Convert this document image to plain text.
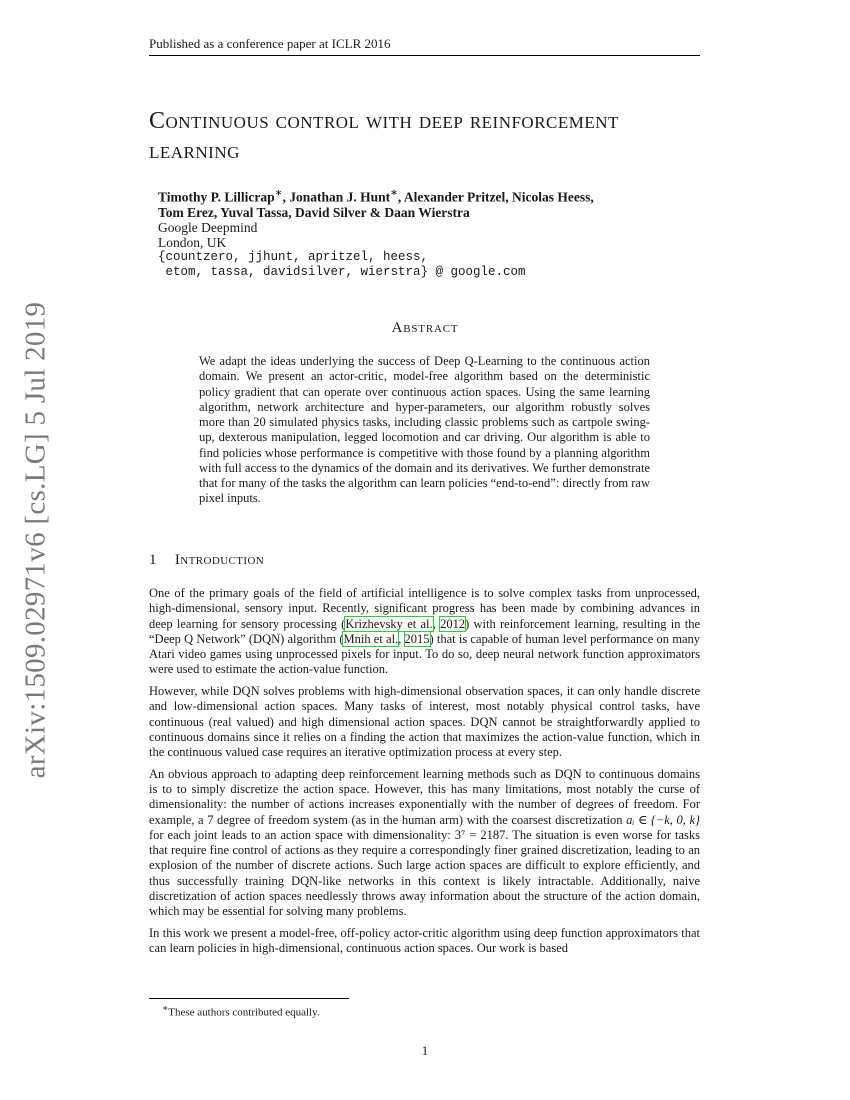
Published as a conference paper at ICLR 2016
arXiv:1509.02971v6 [cs.LG] 5 Jul 2019
Continuous control with deep reinforcement
learning
Timothy P. Lillicrap∗, Jonathan J. Hunt∗, Alexander Pritzel, Nicolas Heess,
Tom Erez, Yuval Tassa, David Silver & Daan Wierstra
Google Deepmind
London, UK
{countzero, jjhunt, apritzel, heess,
etom, tassa, davidsilver, wierstra} @ google.com
Abstract
We adapt the ideas underlying the success of Deep Q-Learning to the continuous action domain. We present an actor-critic, model-free algorithm based on the deterministic policy gradient that can operate over continuous action spaces. Using the same learning algorithm, network architecture and hyper-parameters, our algorithm robustly solves more than 20 simulated physics tasks, including classic problems such as cartpole swing-up, dexterous manipulation, legged locomotion and car driving. Our algorithm is able to find policies whose performance is competitive with those found by a planning algorithm with full access to the dynamics of the domain and its derivatives. We further demonstrate that for many of the tasks the algorithm can learn policies “end-to-end”: directly from raw pixel inputs.
1 Introduction

One of the primary goals of the field of artificial intelligence is to solve complex tasks from unprocessed, high-dimensional, sensory input. Recently, significant progress has been made by combining advances in deep learning for sensory processing (Krizhevsky et al., 2012) with reinforcement learning, resulting in the “Deep Q Network” (DQN) algorithm (Mnih et al., 2015) that is capable of human level performance on many Atari video games using unprocessed pixels for input. To do so, deep neural network function approximators were used to estimate the action-value function.

However, while DQN solves problems with high-dimensional observation spaces, it can only handle discrete and low-dimensional action spaces. Many tasks of interest, most notably physical control tasks, have continuous (real valued) and high dimensional action spaces. DQN cannot be straightforwardly applied to continuous domains since it relies on a finding the action that maximizes the action-value function, which in the continuous valued case requires an iterative optimization process at every step.

An obvious approach to adapting deep reinforcement learning methods such as DQN to continuous domains is to to simply discretize the action space. However, this has many limitations, most notably the curse of dimensionality: the number of actions increases exponentially with the number of degrees of freedom. For example, a 7 degree of freedom system (as in the human arm) with the coarsest discretization aᵢ ∈ {−k, 0, k} for each joint leads to an action space with dimensionality: 3⁷ = 2187. The situation is even worse for tasks that require fine control of actions as they require a correspondingly finer grained discretization, leading to an explosion of the number of discrete actions. Such large action spaces are difficult to explore efficiently, and thus successfully training DQN-like networks in this context is likely intractable. Additionally, naive discretization of action spaces needlessly throws away information about the structure of the action domain, which may be essential for solving many problems.

In this work we present a model-free, off-policy actor-critic algorithm using deep function approximators that can learn policies in high-dimensional, continuous action spaces. Our work is based

∗These authors contributed equally.
1
